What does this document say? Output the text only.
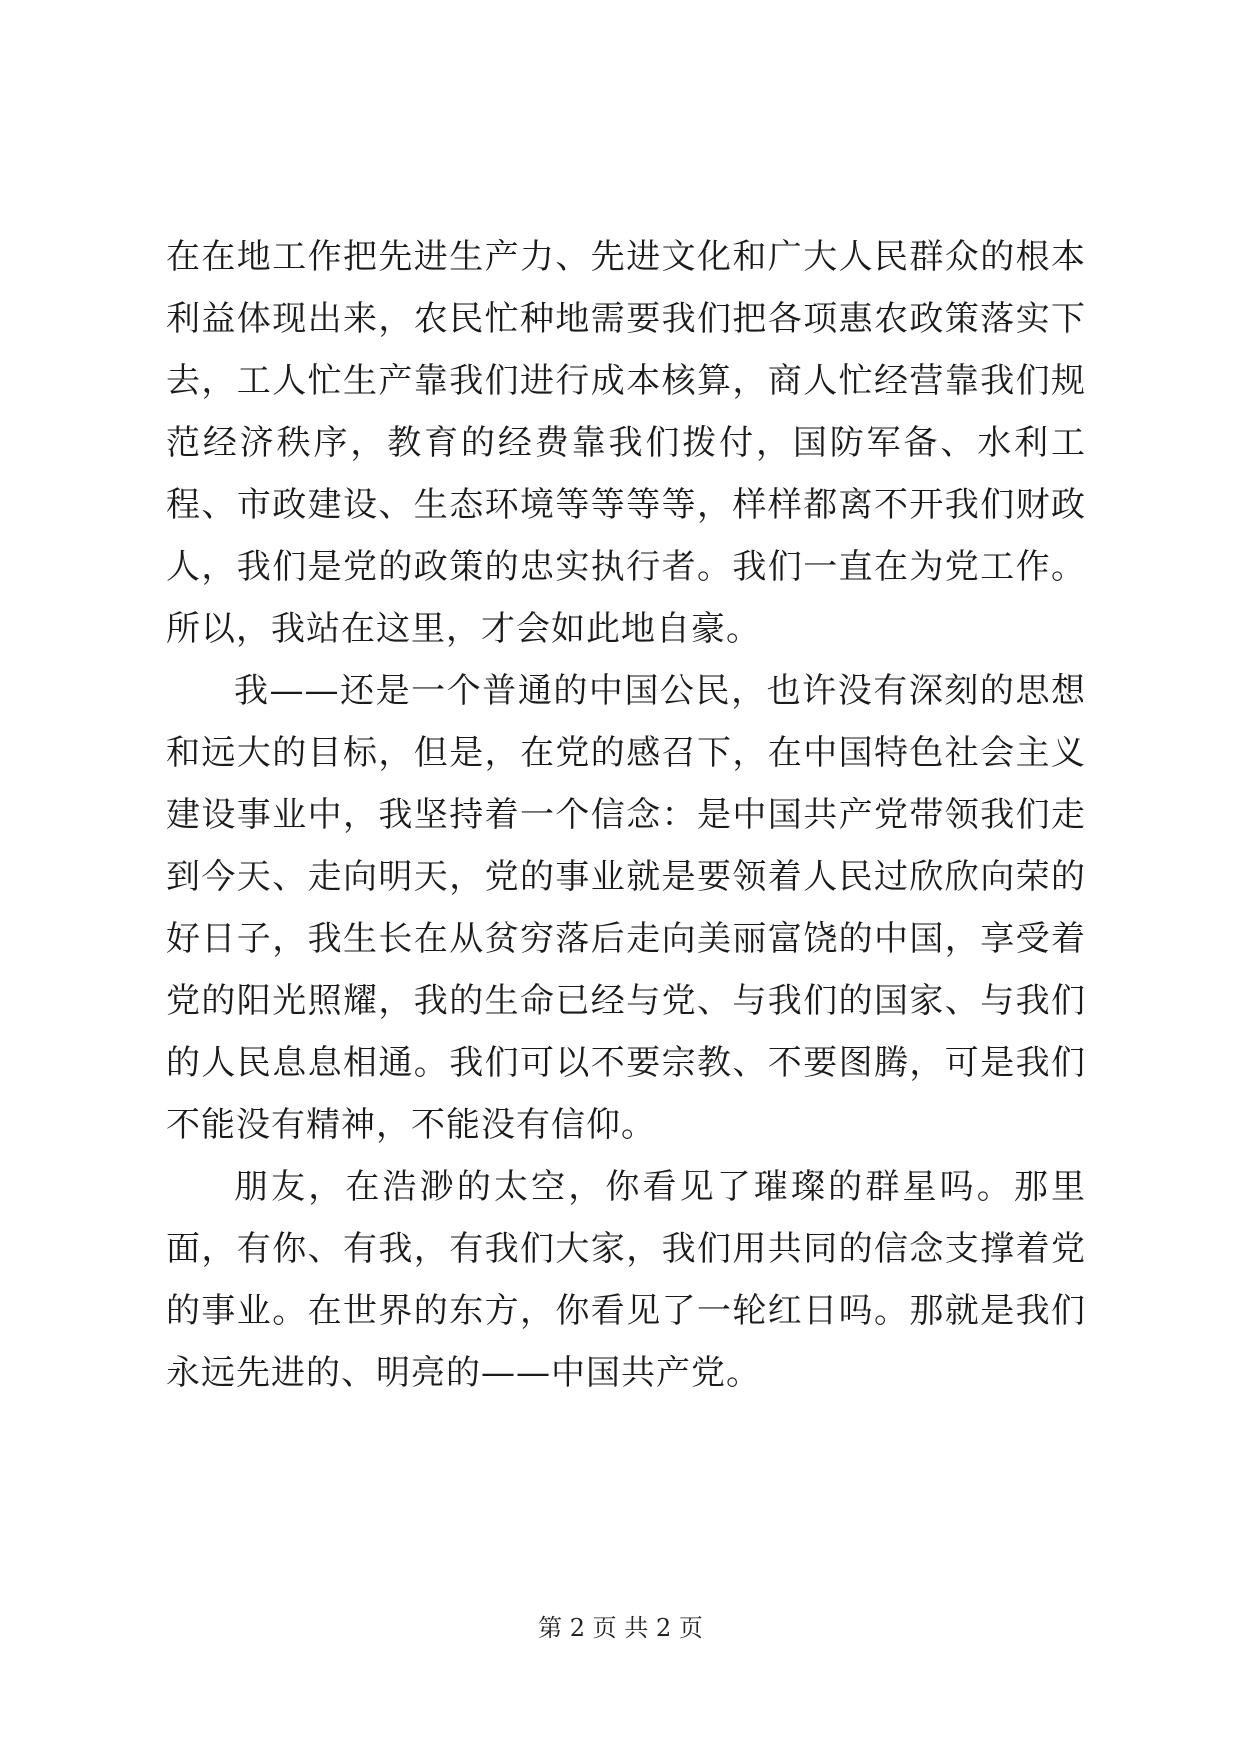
在在地工作把先进生产力、先进文化和广大人民群众的根本利益体现出来，农民忙种地需要我们把各项惠农政策落实下去，工人忙生产靠我们进行成本核算，商人忙经营靠我们规范经济秩序，教育的经费靠我们拨付，国防军备、水利工程、市政建设、生态环境等等等等，样样都离不开我们财政人，我们是党的政策的忠实执行者。我们一直在为党工作。所以，我站在这里，才会如此地自豪。

我——还是一个普通的中国公民，也许没有深刻的思想和远大的目标，但是，在党的感召下，在中国特色社会主义建设事业中，我坚持着一个信念：是中国共产党带领我们走到今天、走向明天，党的事业就是要领着人民过欣欣向荣的好日子，我生长在从贫穷落后走向美丽富饶的中国，享受着党的阳光照耀，我的生命已经与党、与我们的国家、与我们的人民息息相通。我们可以不要宗教、不要图腾，可是我们不能没有精神，不能没有信仰。

朋友，在浩渺的太空，你看见了璀璨的群星吗。那里面，有你、有我，有我们大家，我们用共同的信念支撑着党的事业。在世界的东方，你看见了一轮红日吗。那就是我们永远先进的、明亮的——中国共产党。

第 2 页 共 2 页
